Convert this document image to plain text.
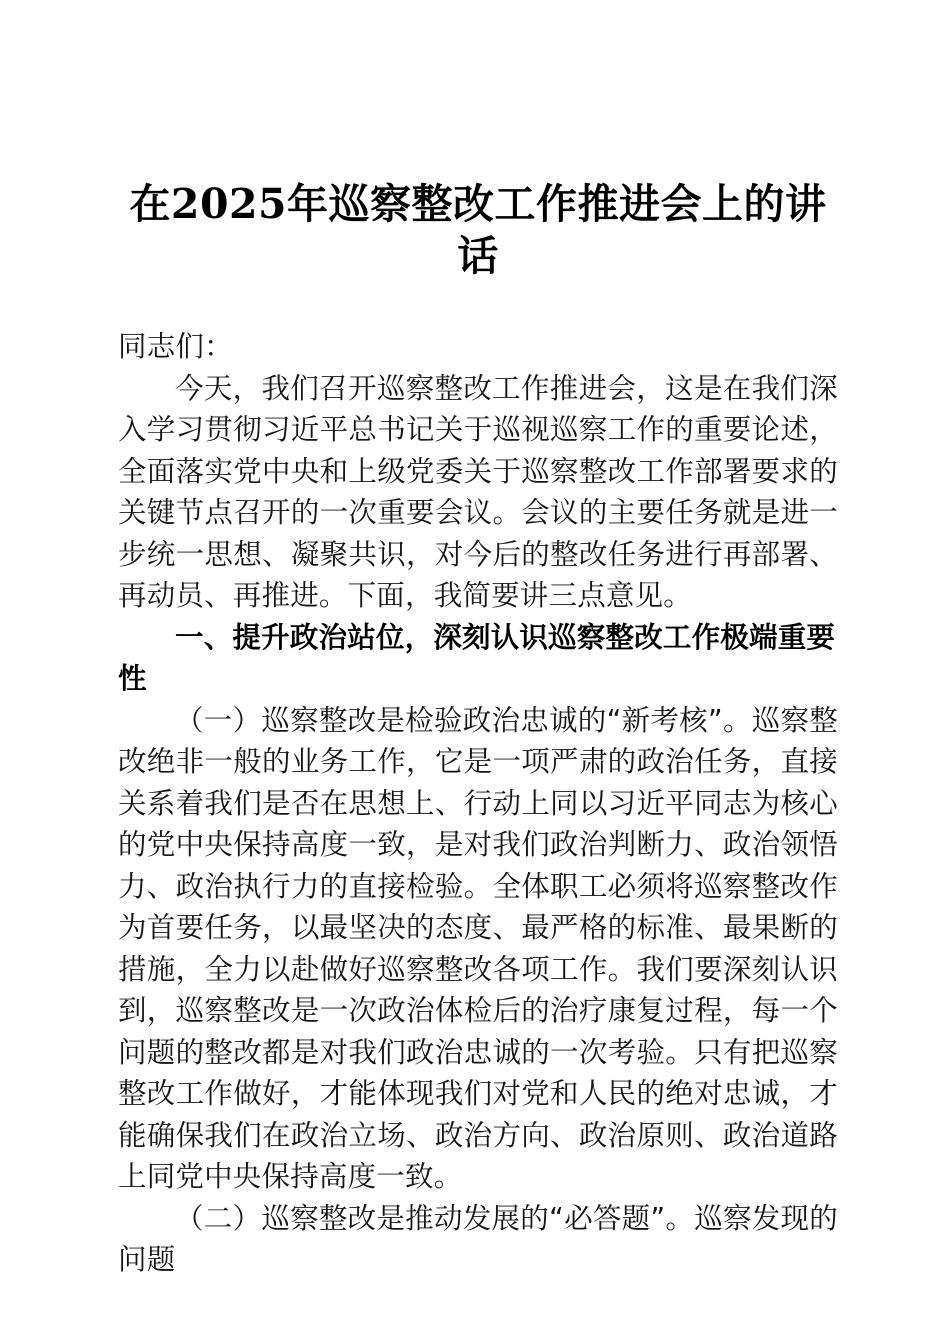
在2025年巡察整改工作推进会上的讲话

同志们：

今天，我们召开巡察整改工作推进会，这是在我们深入学习贯彻习近平总书记关于巡视巡察工作的重要论述，全面落实党中央和上级党委关于巡察整改工作部署要求的关键节点召开的一次重要会议。会议的主要任务就是进一步统一思想、凝聚共识，对今后的整改任务进行再部署、再动员、再推进。下面，我简要讲三点意见。

一、提升政治站位，深刻认识巡察整改工作极端重要性

（一）巡察整改是检验政治忠诚的“新考核”。巡察整改绝非一般的业务工作，它是一项严肃的政治任务，直接关系着我们是否在思想上、行动上同以习近平同志为核心的党中央保持高度一致，是对我们政治判断力、政治领悟力、政治执行力的直接检验。全体职工必须将巡察整改作为首要任务，以最坚决的态度、最严格的标准、最果断的措施，全力以赴做好巡察整改各项工作。我们要深刻认识到，巡察整改是一次政治体检后的治疗康复过程，每一个问题的整改都是对我们政治忠诚的一次考验。只有把巡察整改工作做好，才能体现我们对党和人民的绝对忠诚，才能确保我们在政治立场、政治方向、政治原则、政治道路上同党中央保持高度一致。

（二）巡察整改是推动发展的“必答题”。巡察发现的问题
